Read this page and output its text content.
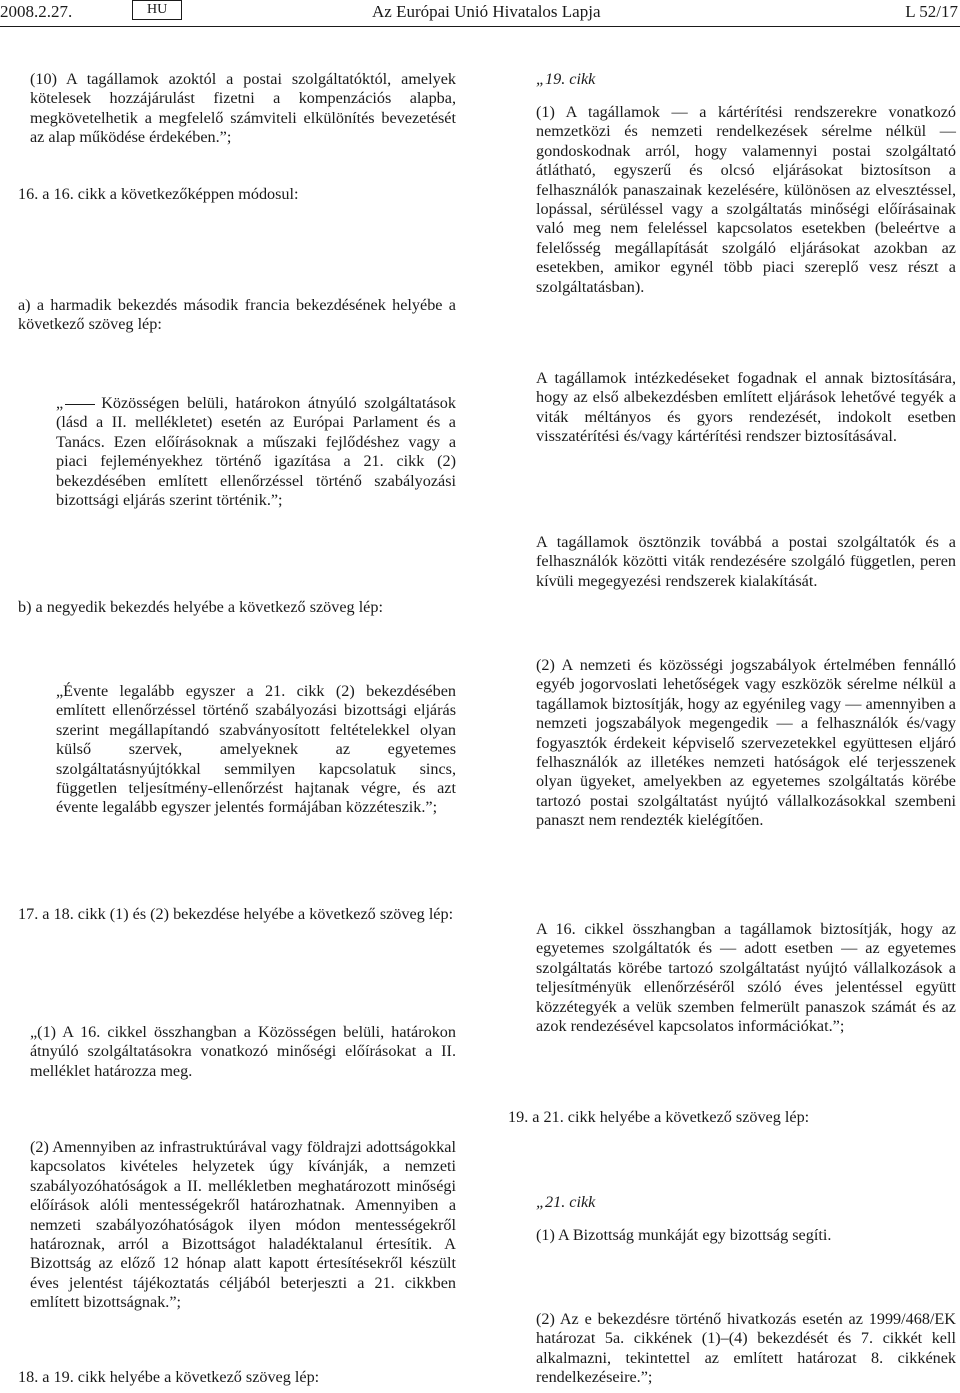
2008.2.27.	HU	Az Európai Unió Hivatalos Lapja	L 52/17

(10) A tagállamok azoktól a postai szolgáltatóktól, amelyek kötelesek hozzájárulást fizetni a kompenzációs alapba, megkövetelhetik a megfelelő számviteli elkülönítés bevezetését az alap működése érdekében.”;

16. a 16. cikk a következőképpen módosul:

a) a harmadik bekezdés második francia bekezdésének helyébe a következő szöveg lép:

„ Közösségen belüli, határokon átnyúló szolgáltatások (lásd a II. mellékletet) esetén az Európai Parlament és a Tanács. Ezen előírásoknak a műszaki fejlődéshez vagy a piaci fejleményekhez történő igazítása a 21. cikk (2) bekezdésében említett ellenőrzéssel történő szabályozási bizottsági eljárás szerint történik.”;

b) a negyedik bekezdés helyébe a következő szöveg lép:

„Évente legalább egyszer a 21. cikk (2) bekezdésében említett ellenőrzéssel történő szabályozási bizottsági eljárás szerint megállapítandó szabványosított feltételekkel olyan külső szervek, amelyeknek az egyetemes szolgáltatásnyújtókkal semmilyen kapcsolatuk sincs, független teljesítmény-ellenőrzést hajtanak végre, és azt évente legalább egyszer jelentés formájában közzéteszik.”;

17. a 18. cikk (1) és (2) bekezdése helyébe a következő szöveg lép:

„(1) A 16. cikkel összhangban a Közösségen belüli, határokon átnyúló szolgáltatásokra vonatkozó minőségi előírásokat a II. melléklet határozza meg.

(2) Amennyiben az infrastruktúrával vagy földrajzi adottságokkal kapcsolatos kivételes helyzetek úgy kívánják, a nemzeti szabályozóhatóságok a II. mellékletben meghatározott minőségi előírások alóli mentességekről határozhatnak. Amennyiben a nemzeti szabályozóhatóságok ilyen módon mentességekről határoznak, arról a Bizottságot haladéktalanul értesítik. A Bizottság az előző 12 hónap alatt kapott értesítésekről készült éves jelentést tájékoztatás céljából beterjeszti a 21. cikkben említett bizottságnak.”;

18. a 19. cikk helyébe a következő szöveg lép:

„19. cikk

(1) A tagállamok — a kártérítési rendszerekre vonatkozó nemzetközi és nemzeti rendelkezések sérelme nélkül — gondoskodnak arról, hogy valamennyi postai szolgáltató átlátható, egyszerű és olcsó eljárásokat biztosítson a felhasználók panaszainak kezelésére, különösen az elvesztéssel, lopással, sérüléssel vagy a szolgáltatás minőségi előírásainak való meg nem feleléssel kapcsolatos esetekben (beleértve a felelősség megállapítását szolgáló eljárásokat azokban az esetekben, amikor egynél több piaci szereplő vesz részt a szolgáltatásban).

A tagállamok intézkedéseket fogadnak el annak biztosítására, hogy az első albekezdésben említett eljárások lehetővé tegyék a viták méltányos és gyors rendezését, indokolt esetben visszatérítési és/vagy kártérítési rendszer biztosításával.

A tagállamok ösztönzik továbbá a postai szolgáltatók és a felhasználók közötti viták rendezésére szolgáló független, peren kívüli megegyezési rendszerek kialakítását.

(2) A nemzeti és közösségi jogszabályok értelmében fennálló egyéb jogorvoslati lehetőségek vagy eszközök sérelme nélkül a tagállamok biztosítják, hogy az egyénileg vagy — amennyiben a nemzeti jogszabályok megengedik — a felhasználók és/vagy fogyasztók érdekeit képviselő szervezetekkel együttesen eljáró felhasználók az illetékes nemzeti hatóságok elé terjesszenek olyan ügyeket, amelyekben az egyetemes szolgáltatás körébe tartozó postai szolgáltatást nyújtó vállalkozásokkal szembeni panaszt nem rendezték kielégítően.

A 16. cikkel összhangban a tagállamok biztosítják, hogy az egyetemes szolgáltatók és — adott esetben — az egyetemes szolgáltatás körébe tartozó szolgáltatást nyújtó vállalkozások a teljesítményük ellenőrzéséről szóló éves jelentéssel együtt közzétegyék a velük szemben felmerült panaszok számát és az azok rendezésével kapcsolatos információkat.”;

19. a 21. cikk helyébe a következő szöveg lép:

„21. cikk

(1) A Bizottság munkáját egy bizottság segíti.

(2) Az e bekezdésre történő hivatkozás esetén az 1999/468/EK határozat 5a. cikkének (1)–(4) bekezdését és 7. cikkét kell alkalmazni, tekintettel az említett határozat 8. cikkének rendelkezéseire.”;
